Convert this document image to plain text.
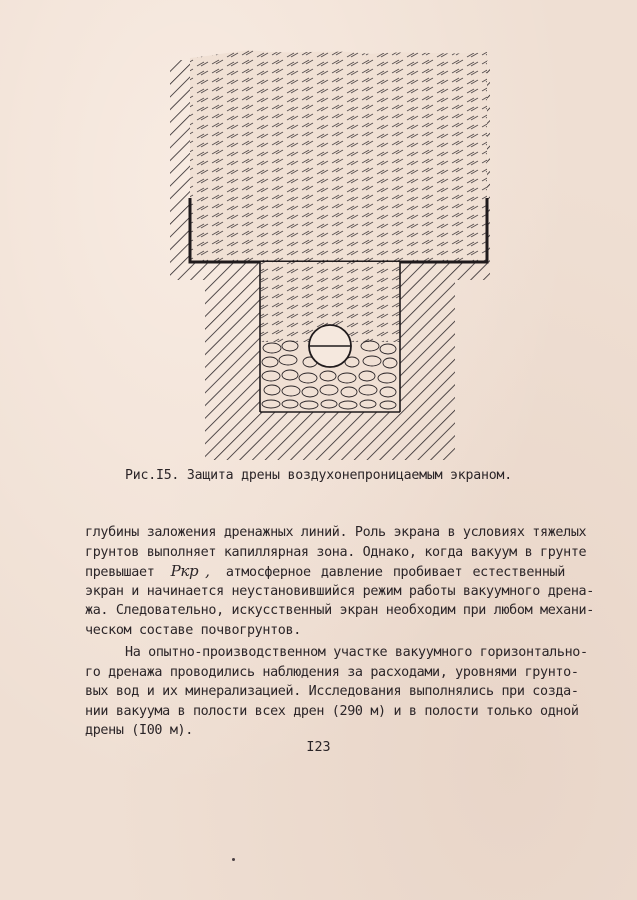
Рис.I5. Защита дрены воздухонепроницаемым экраном.
глубины заложения дренажных линий. Роль экрана в условиях тяжелых
грунтов выполняет капиллярная зона. Однако, когда вакуум в грунте
превышает Ркр , атмосферное давление пробивает естественный
экран и начинается неустановившийся режим работы вакуумного дрена-
жа. Следовательно, искусственный экран необходим при любом механи-
ческом составе почвогрунтов.
На опытно-производственном участке вакуумного горизонтально-
го дренажа проводились наблюдения за расходами, уровнями грунто-
вых вод и их минерализацией. Исследования выполнялись при созда-
нии вакуума в полости всех дрен (290 м) и в полости только одной
дрены (I00 м).
I23
